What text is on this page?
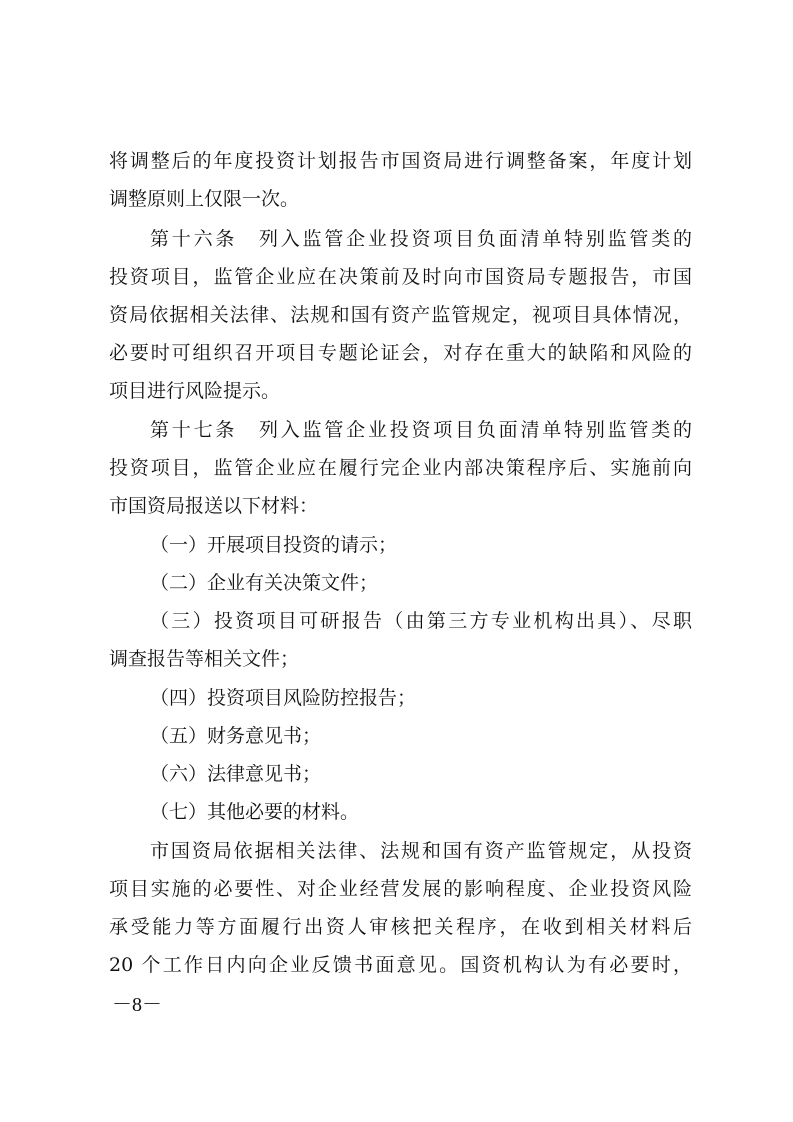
将调整后的年度投资计划报告市国资局进行调整备案，年度计划
调整原则上仅限一次。
第十六条　列入监管企业投资项目负面清单特别监管类的
投资项目，监管企业应在决策前及时向市国资局专题报告，市国
资局依据相关法律、法规和国有资产监管规定，视项目具体情况，
必要时可组织召开项目专题论证会，对存在重大的缺陷和风险的
项目进行风险提示。
第十七条　列入监管企业投资项目负面清单特别监管类的
投资项目，监管企业应在履行完企业内部决策程序后、实施前向
市国资局报送以下材料：
（一）开展项目投资的请示；
（二）企业有关决策文件；
（三）投资项目可研报告（由第三方专业机构出具）、尽职
调查报告等相关文件；
（四）投资项目风险防控报告；
（五）财务意见书；
（六）法律意见书；
（七）其他必要的材料。
市国资局依据相关法律、法规和国有资产监管规定，从投资
项目实施的必要性、对企业经营发展的影响程度、企业投资风险
承受能力等方面履行出资人审核把关程序，在收到相关材料后
20 个工作日内向企业反馈书面意见。国资机构认为有必要时，
－8－
